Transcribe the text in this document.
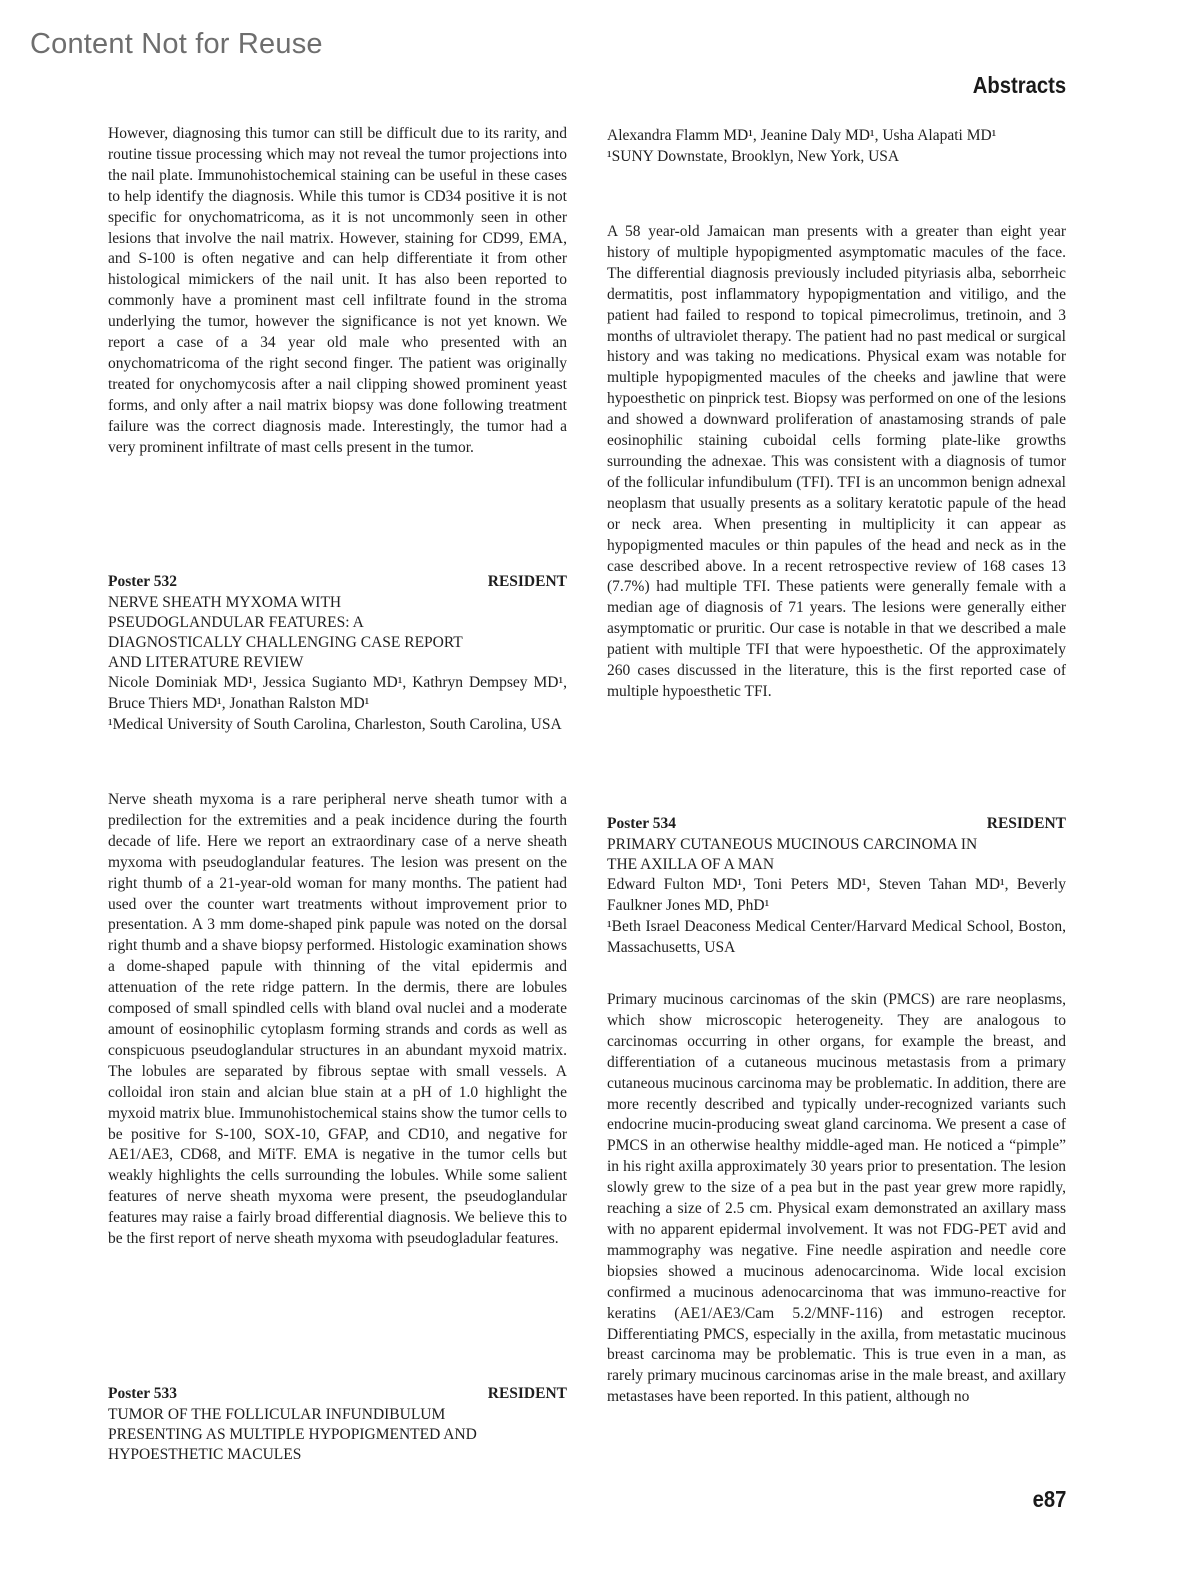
Content Not for Reuse
Abstracts

However, diagnosing this tumor can still be difficult due to its rarity, and routine tissue processing which may not reveal the tumor projections into the nail plate. Immunohistochemical staining can be useful in these cases to help identify the diagnosis. While this tumor is CD34 positive it is not specific for onychomatricoma, as it is not uncommonly seen in other lesions that involve the nail matrix. However, staining for CD99, EMA, and S-100 is often negative and can help differentiate it from other histological mimickers of the nail unit. It has also been reported to commonly have a prominent mast cell infiltrate found in the stroma underlying the tumor, however the significance is not yet known. We report a case of a 34 year old male who presented with an onychomatricoma of the right second finger. The patient was originally treated for onychomycosis after a nail clipping showed prominent yeast forms, and only after a nail matrix biopsy was done following treatment failure was the correct diagnosis made. Interestingly, the tumor had a very prominent infiltrate of mast cells present in the tumor.

Poster 532	RESIDENT
NERVE SHEATH MYXOMA WITH
PSEUDOGLANDULAR FEATURES: A
DIAGNOSTICALLY CHALLENGING CASE REPORT
AND LITERATURE REVIEW

Nicole Dominiak MD¹, Jessica Sugianto MD¹, Kathryn Dempsey MD¹, Bruce Thiers MD¹, Jonathan Ralston MD¹

¹Medical University of South Carolina, Charleston, South Carolina, USA

Nerve sheath myxoma is a rare peripheral nerve sheath tumor with a predilection for the extremities and a peak incidence during the fourth decade of life. Here we report an extraordinary case of a nerve sheath myxoma with pseudoglandular features. The lesion was present on the right thumb of a 21-year-old woman for many months. The patient had used over the counter wart treatments without improvement prior to presentation. A 3 mm dome-shaped pink papule was noted on the dorsal right thumb and a shave biopsy performed. Histologic examination shows a dome-shaped papule with thinning of the vital epidermis and attenuation of the rete ridge pattern. In the dermis, there are lobules composed of small spindled cells with bland oval nuclei and a moderate amount of eosinophilic cytoplasm forming strands and cords as well as conspicuous pseudoglandular structures in an abundant myxoid matrix. The lobules are separated by fibrous septae with small vessels. A colloidal iron stain and alcian blue stain at a pH of 1.0 highlight the myxoid matrix blue. Immunohistochemical stains show the tumor cells to be positive for S-100, SOX-10, GFAP, and CD10, and negative for AE1/AE3, CD68, and MiTF. EMA is negative in the tumor cells but weakly highlights the cells surrounding the lobules. While some salient features of nerve sheath myxoma were present, the pseudoglandular features may raise a fairly broad differential diagnosis. We believe this to be the first report of nerve sheath myxoma with pseudogladular features.

Poster 533	RESIDENT
TUMOR OF THE FOLLICULAR INFUNDIBULUM
PRESENTING AS MULTIPLE HYPOPIGMENTED AND
HYPOESTHETIC MACULES

Alexandra Flamm MD¹, Jeanine Daly MD¹, Usha Alapati MD¹

¹SUNY Downstate, Brooklyn, New York, USA

A 58 year-old Jamaican man presents with a greater than eight year history of multiple hypopigmented asymptomatic macules of the face. The differential diagnosis previously included pityriasis alba, seborrheic dermatitis, post inflammatory hypopigmentation and vitiligo, and the patient had failed to respond to topical pimecrolimus, tretinoin, and 3 months of ultraviolet therapy. The patient had no past medical or surgical history and was taking no medications. Physical exam was notable for multiple hypopigmented macules of the cheeks and jawline that were hypoesthetic on pinprick test. Biopsy was performed on one of the lesions and showed a downward proliferation of anastamosing strands of pale eosinophilic staining cuboidal cells forming plate-like growths surrounding the adnexae. This was consistent with a diagnosis of tumor of the follicular infundibulum (TFI). TFI is an uncommon benign adnexal neoplasm that usually presents as a solitary keratotic papule of the head or neck area. When presenting in multiplicity it can appear as hypopigmented macules or thin papules of the head and neck as in the case described above. In a recent retrospective review of 168 cases 13 (7.7%) had multiple TFI. These patients were generally female with a median age of diagnosis of 71 years. The lesions were generally either asymptomatic or pruritic. Our case is notable in that we described a male patient with multiple TFI that were hypoesthetic. Of the approximately 260 cases discussed in the literature, this is the first reported case of multiple hypoesthetic TFI.

Poster 534	RESIDENT
PRIMARY CUTANEOUS MUCINOUS CARCINOMA IN
THE AXILLA OF A MAN

Edward Fulton MD¹, Toni Peters MD¹, Steven Tahan MD¹, Beverly Faulkner Jones MD, PhD¹

¹Beth Israel Deaconess Medical Center/Harvard Medical School, Boston, Massachusetts, USA

Primary mucinous carcinomas of the skin (PMCS) are rare neoplasms, which show microscopic heterogeneity. They are analogous to carcinomas occurring in other organs, for example the breast, and differentiation of a cutaneous mucinous metastasis from a primary cutaneous mucinous carcinoma may be problematic. In addition, there are more recently described and typically under-recognized variants such endocrine mucin-producing sweat gland carcinoma. We present a case of PMCS in an otherwise healthy middle-aged man. He noticed a “pimple” in his right axilla approximately 30 years prior to presentation. The lesion slowly grew to the size of a pea but in the past year grew more rapidly, reaching a size of 2.5 cm. Physical exam demonstrated an axillary mass with no apparent epidermal involvement. It was not FDG-PET avid and mammography was negative. Fine needle aspiration and needle core biopsies showed a mucinous adenocarcinoma. Wide local excision confirmed a mucinous adenocarcinoma that was immuno-reactive for keratins (AE1/AE3/Cam 5.2/MNF-116) and estrogen receptor. Differentiating PMCS, especially in the axilla, from metastatic mucinous breast carcinoma may be problematic. This is true even in a man, as rarely primary mucinous carcinomas arise in the male breast, and axillary metastases have been reported. In this patient, although no

e87
